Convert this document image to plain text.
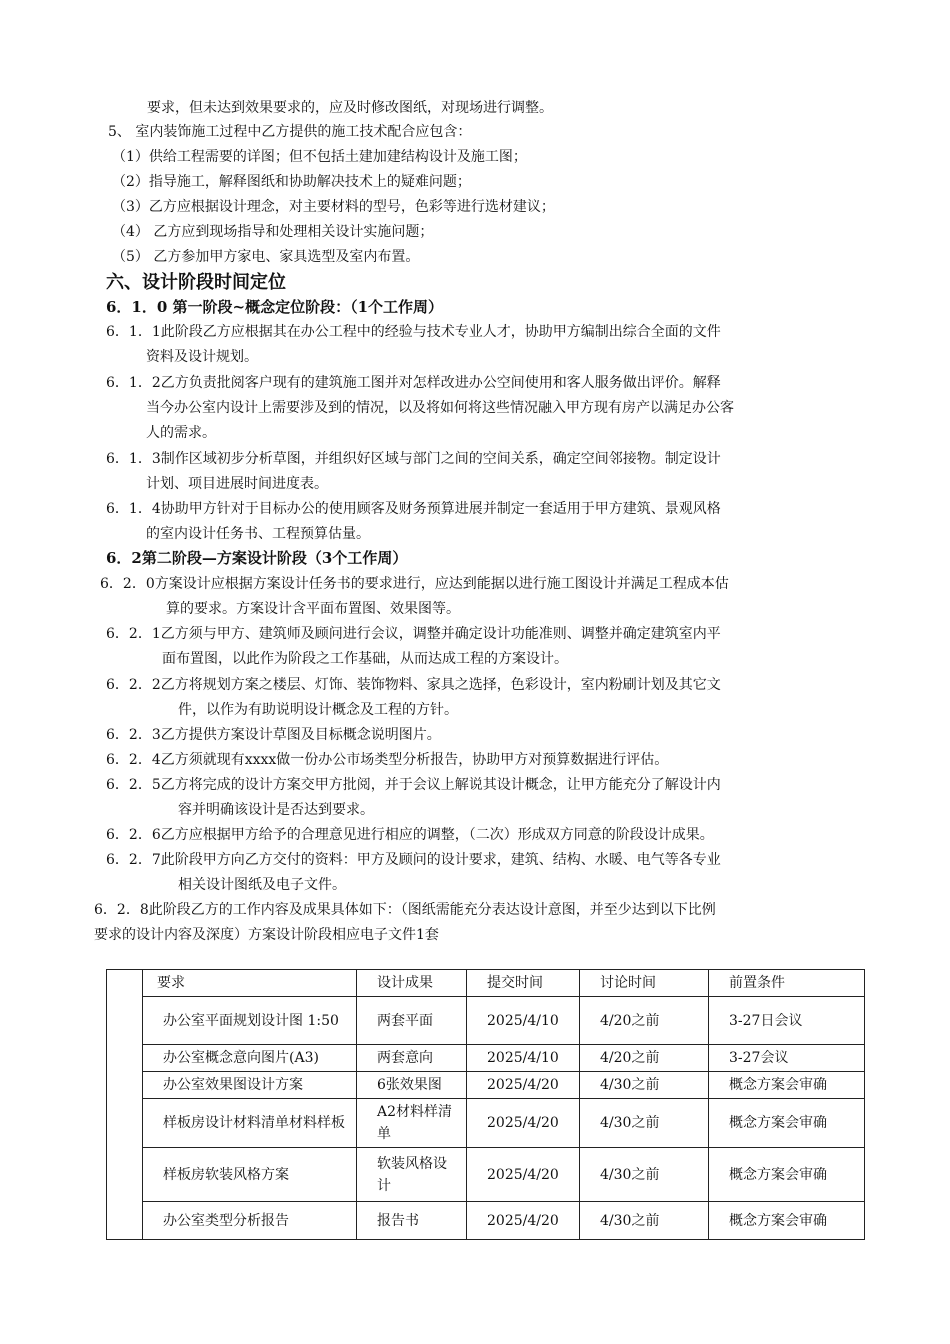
要求，但未达到效果要求的，应及时修改图纸，对现场进行调整。
5、 室内装饰施工过程中乙方提供的施工技术配合应包含：
（1）供给工程需要的详图；但不包括土建加建结构设计及施工图；
（2）指导施工，解释图纸和协助解决技术上的疑难问题；
（3）乙方应根据设计理念，对主要材料的型号，色彩等进行选材建议；
（4） 乙方应到现场指导和处理相关设计实施问题；
（5） 乙方参加甲方家电、家具选型及室内布置。
六、设计阶段时间定位
6．1．0 第一阶段~概念定位阶段：（1个工作周）
6．1．1此阶段乙方应根据其在办公工程中的经验与技术专业人才，协助甲方编制出综合全面的文件
资料及设计规划。
6．1．2乙方负责批阅客户现有的建筑施工图并对怎样改进办公空间使用和客人服务做出评价。解释
当今办公室内设计上需要涉及到的情况，以及将如何将这些情况融入甲方现有房产以满足办公客
人的需求。
6．1．3制作区域初步分析草图，并组织好区域与部门之间的空间关系，确定空间邻接物。制定设计
计划、项目进展时间进度表。
6．1．4协助甲方针对于目标办公的使用顾客及财务预算进展并制定一套适用于甲方建筑、景观风格
的室内设计任务书、工程预算估量。
6．2第二阶段—方案设计阶段（3个工作周）
6．2．0方案设计应根据方案设计任务书的要求进行，应达到能据以进行施工图设计并满足工程成本估
算的要求。方案设计含平面布置图、效果图等。
6．2．1乙方须与甲方、建筑师及顾问进行会议，调整并确定设计功能准则、调整并确定建筑室内平
面布置图，以此作为阶段之工作基础，从而达成工程的方案设计。
6．2．2乙方将规划方案之楼层、灯饰、装饰物料、家具之选择，色彩设计，室内粉刷计划及其它文
件，以作为有助说明设计概念及工程的方针。
6．2．3乙方提供方案设计草图及目标概念说明图片。
6．2．4乙方须就现有xxxx做一份办公市场类型分析报告，协助甲方对预算数据进行评估。
6．2．5乙方将完成的设计方案交甲方批阅，并于会议上解说其设计概念，让甲方能充分了解设计内
容并明确该设计是否达到要求。
6．2．6乙方应根据甲方给予的合理意见进行相应的调整，（二次）形成双方同意的阶段设计成果。
6．2．7此阶段甲方向乙方交付的资料：甲方及顾问的设计要求，建筑、结构、水暖、电气等各专业
相关设计图纸及电子文件。
6．2．8此阶段乙方的工作内容及成果具体如下：（图纸需能充分表达设计意图，并至少达到以下比例
要求的设计内容及深度）方案设计阶段相应电子文件1套
	要求	设计成果	提交时间	讨论时间	前置条件
	办公室平面规划设计图 1:50	两套平面	2025/4/10	4/20之前	3-27日会议
	办公室概念意向图片(A3)	两套意向	2025/4/10	4/20之前	3-27会议
	办公室效果图设计方案	6张效果图	2025/4/20	4/30之前	概念方案会审确
	样板房设计材料清单材料样板	A2材料样清单	2025/4/20	4/30之前	概念方案会审确
	样板房软装风格方案	软装风格设计	2025/4/20	4/30之前	概念方案会审确
	办公室类型分析报告	报告书	2025/4/20	4/30之前	概念方案会审确
